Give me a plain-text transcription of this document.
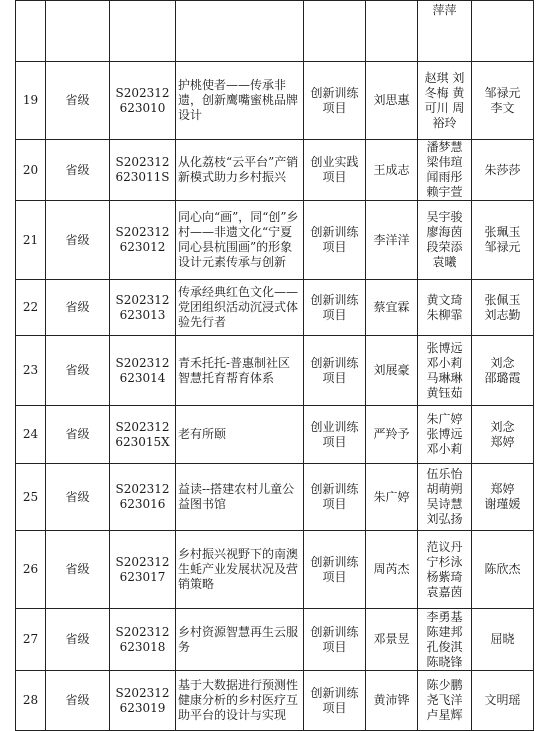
						萍萍		

19	省级	S202312
623010	护桃使者——传承非遗，创新鹰嘴蜜桃品牌设计	创新训练
项目	刘思惠	赵琪 刘
冬梅 黄
可川 周
裕玲	邹禄元
李文

20	省级	S202312
623011S	从化荔枝“云平台”产销新模式助力乡村振兴	创业实践
项目	王成志	潘梦慧
梁伟瑄
闻雨彤
赖宇萱	朱莎莎

21	省级	S202312
623012	同心向“画”，同“创”乡村——非遗文化“宁夏同心县杭围画”的形象设计元素传承与创新	创新训练
项目	李洋洋	吴宇骏
廖海茵
段荣添
袁曦	张珮玉
邹禄元

22	省级	S202312
623013	传承经典红色文化——党团组织活动沉浸式体验先行者	创新训练
项目	蔡宜霖	黄文琦
朱柳霏	张佩玉
刘志勤

23	省级	S202312
623014	青禾托托-普惠制社区智慧托育帮育体系	创新训练
项目	刘展豪	张博远
邓小莉
马琳琳
黄钰茹	刘念
邵璐霞

24	省级	S202312
623015X	老有所颐	创业训练
项目	严羚予	朱广婷
张博远
邓小莉	刘念
郑婷

25	省级	S202312
623016	益读--搭建农村儿童公益图书馆	创新训练
项目	朱广婷	伍乐怡
胡萌朔
吴诗慧
刘弘扬	郑婷
谢瑾媛

26	省级	S202312
623017	乡村振兴视野下的南澳生蚝产业发展状况及营销策略	创新训练
项目	周芮杰	范议丹
宁杉泳
杨紫琦
袁嘉茵	陈欣杰

27	省级	S202312
623018	乡村资源智慧再生云服务	创新训练
项目	邓景昱	李勇基
陈建邦
孔俊淇
陈晓锋	屈晓

28	省级	S202312
623019	基于大数据进行预测性健康分析的乡村医疗互助平台的设计与实现	创新训练
项目	黄沛铧	陈少鹏
尧飞洋
卢星辉	文明瑶
